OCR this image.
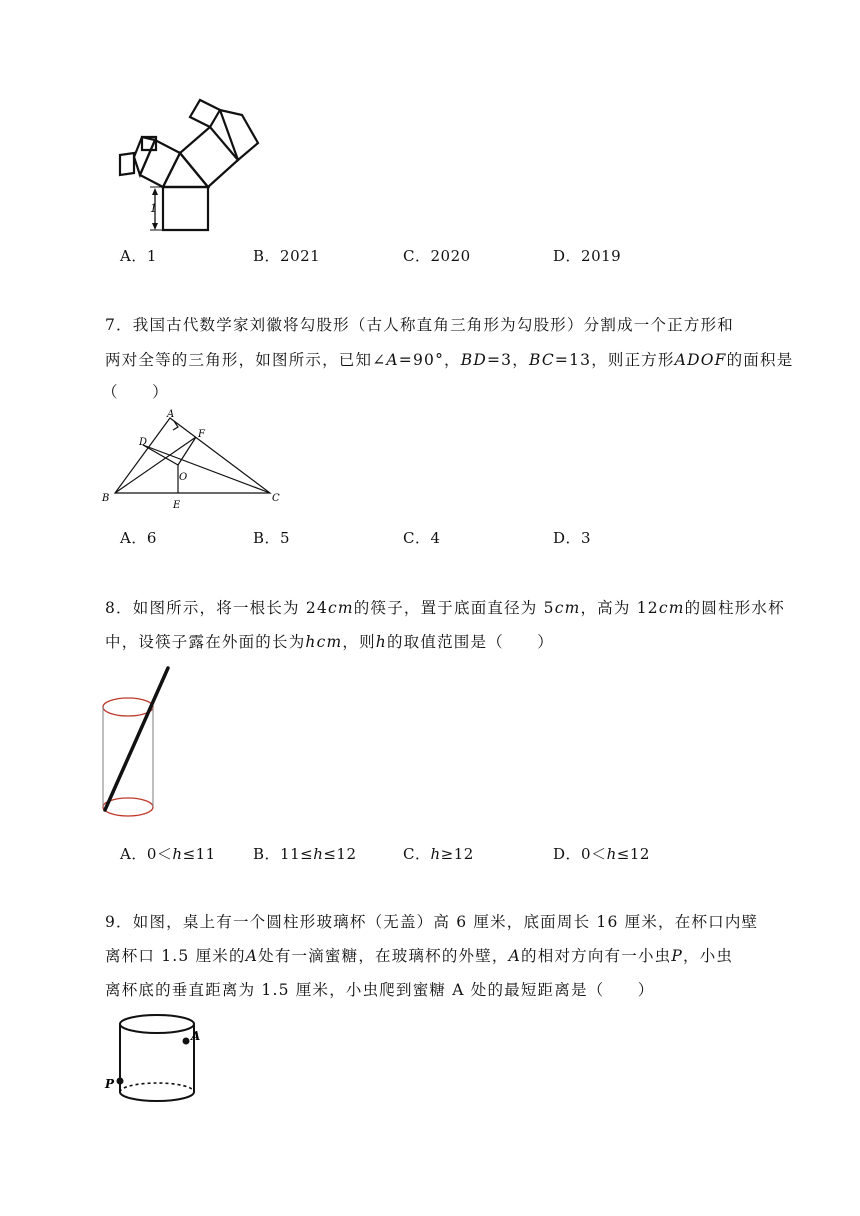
1
A．1	B．2021	C．2020	D．2019
7．我国古代数学家刘徽将勾股形（古人称直角三角形为勾股形）分割成一个正方形和
两对全等的三角形，如图所示，已知∠A=90°，BD=3，BC=13，则正方形ADOF的面积是
（　　）
A
D
F
O
B	C
E
A．6	B．5	C．4	D．3
8．如图所示，将一根长为 24cm的筷子，置于底面直径为 5cm，高为 12cm的圆柱形水杯
中，设筷子露在外面的长为hcm，则h的取值范围是（　　）
A．0＜h≤11 B．11≤h≤12	C．h≥12	D．0＜h≤12
9．如图，桌上有一个圆柱形玻璃杯（无盖）高 6 厘米，底面周长 16 厘米，在杯口内壁
离杯口 1.5 厘米的A处有一滴蜜糖，在玻璃杯的外壁，A的相对方向有一小虫P，小虫
离杯底的垂直距离为 1.5 厘米，小虫爬到蜜糖 A 处的最短距离是（　　）
A
P
